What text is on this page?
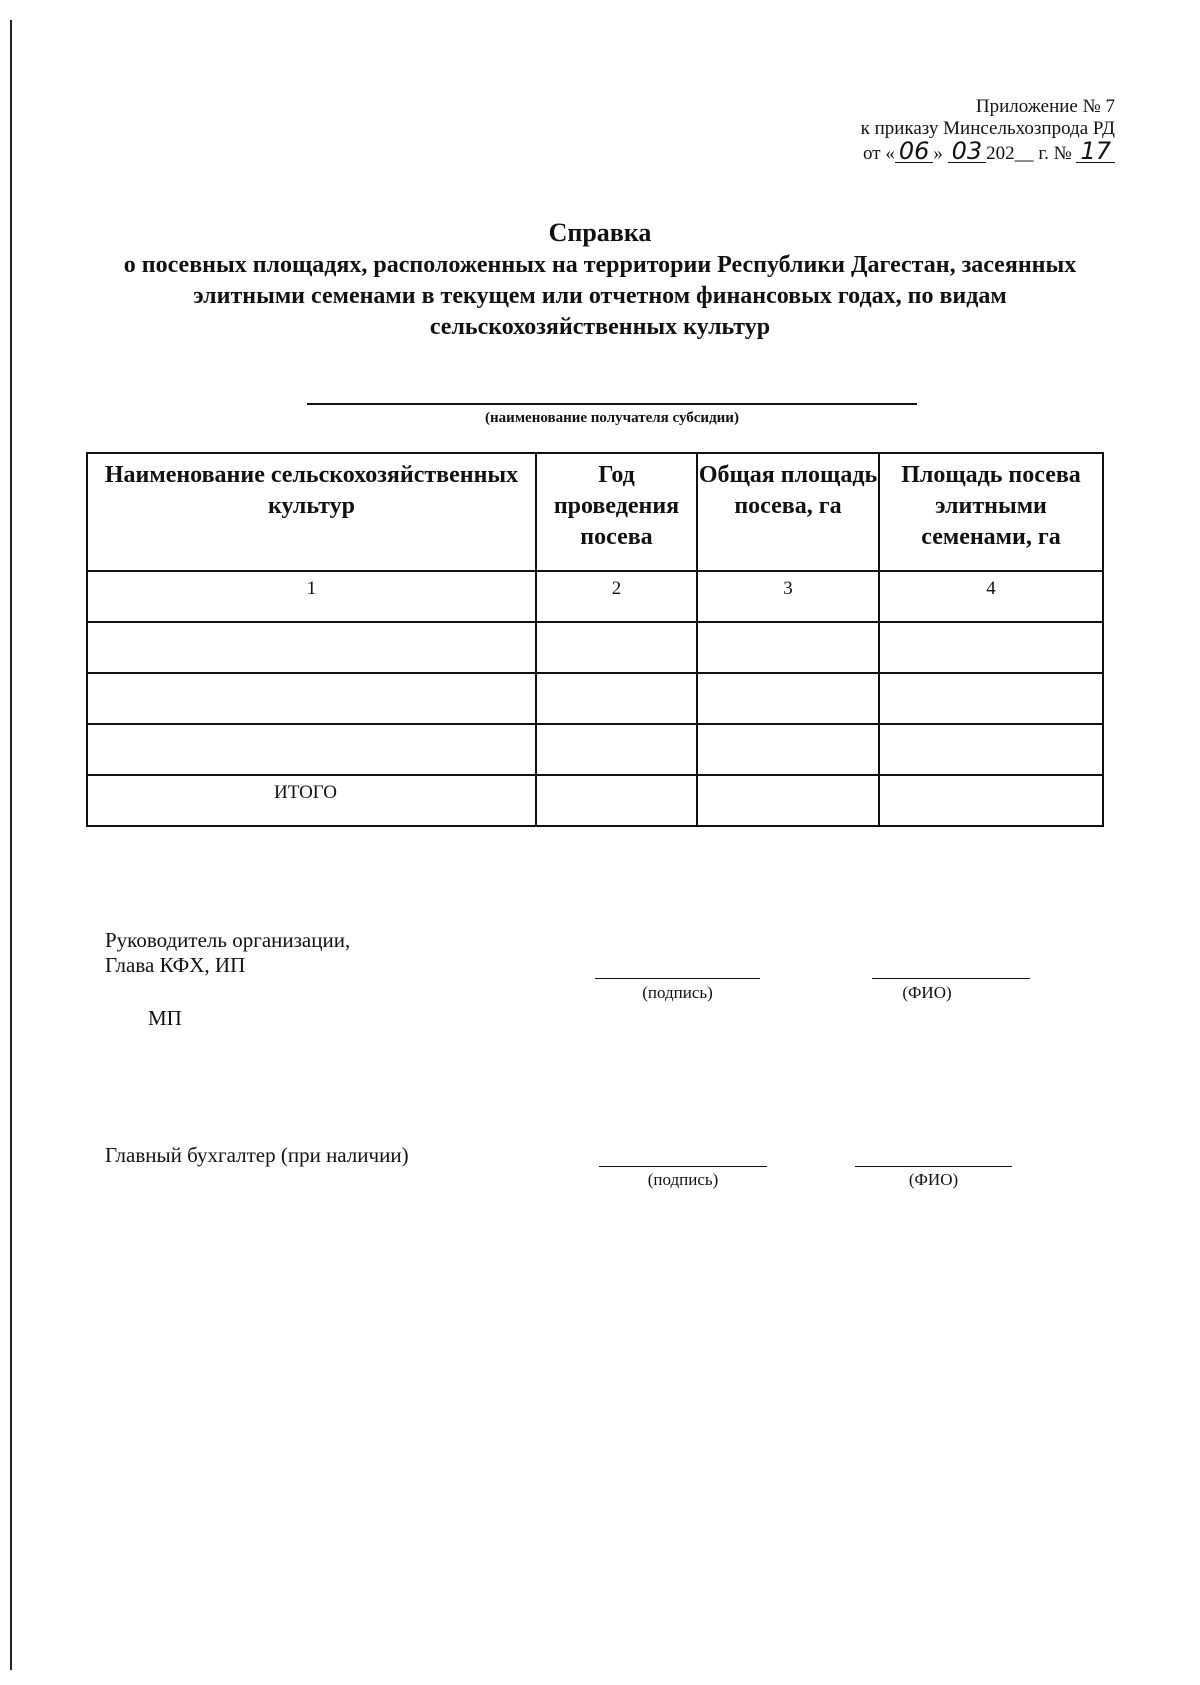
Приложение № 7
к приказу Минсельхозпрода РД
от « 06 » 03 202__ г. № 17
Справка
о посевных площадях, расположенных на территории Республики Дагестан, засеянных элитными семенами в текущем или отчетном финансовых годах, по видам сельскохозяйственных культур
(наименование получателя субсидии)
Наименование сельскохозяйственных культур	Год проведения посева	Общая площадь посева, га	Площадь посева элитными семенами, га
1	2	3	4

ИТОГО			
Руководитель организации,
Глава КФХ, ИП
(подпись)	(ФИО)
МП
Главный бухгалтер (при наличии)
(подпись)	(ФИО)
